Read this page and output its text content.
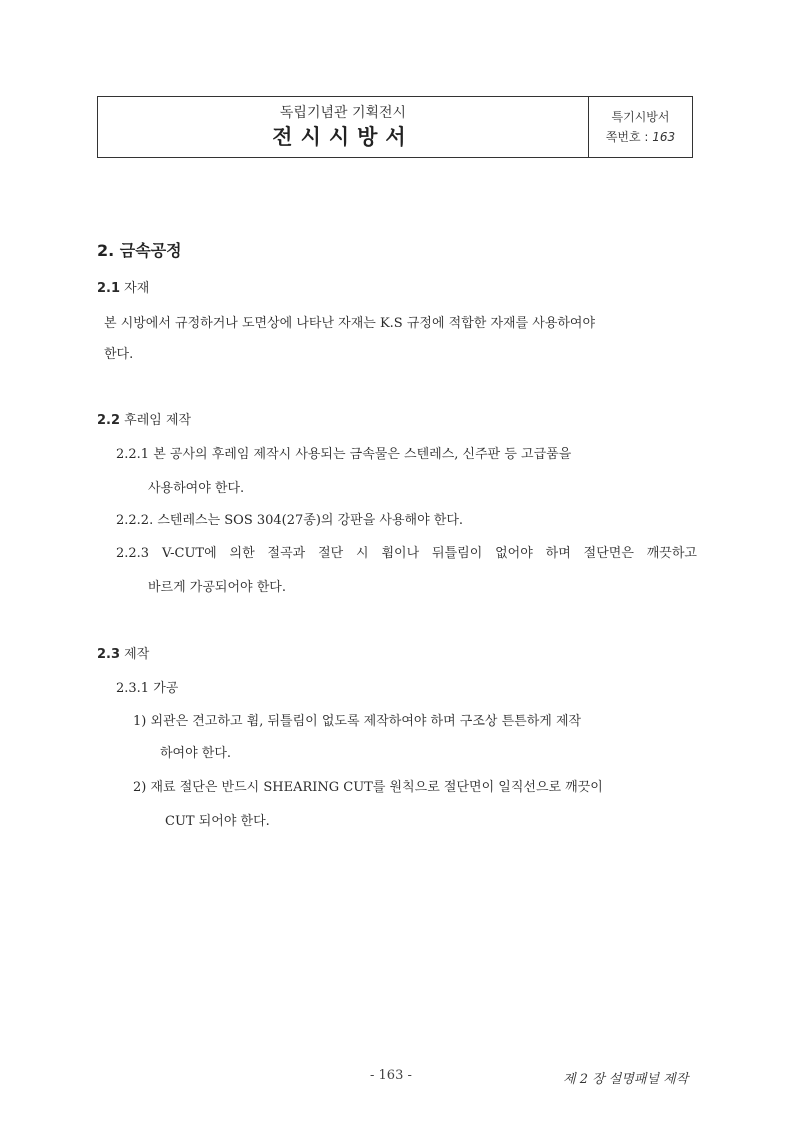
독립기념관 기획전시
전시시방서
특기시방서
쪽번호 : 163
2. 금속공정
2.1 자재
본 시방에서 규정하거나 도면상에 나타난 자재는 K.S 규정에 적합한 자재를 사용하여야
한다.
2.2 후레임 제작
2.2.1 본 공사의 후레임 제작시 사용되는 금속물은 스텐레스, 신주판 등 고급품을
사용하여야 한다.
2.2.2. 스텐레스는 SOS 304(27종)의 강판을 사용해야 한다.
2.2.3 V-CUT에 의한 절곡과 절단 시 휨이나 뒤틀림이 없어야 하며 절단면은 깨끗하고
바르게 가공되어야 한다.
2.3 제작
2.3.1 가공
1) 외관은 견고하고 휨, 뒤틀림이 없도록 제작하여야 하며 구조상 튼튼하게 제작
하여야 한다.
2) 재료 절단은 반드시 SHEARING CUT를 원칙으로 절단면이 일직선으로 깨끗이
CUT 되어야 한다.
- 163 -	제 2 장 설명패널 제작
